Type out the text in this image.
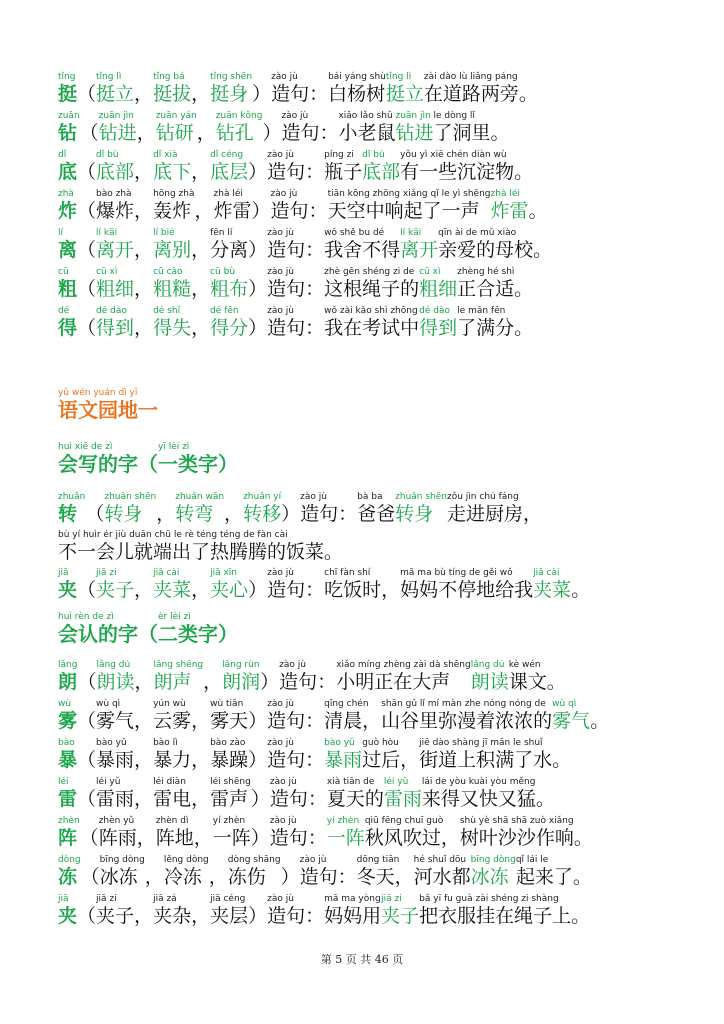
tǐng
挺 （
tǐng lì
挺立 ，
tǐng bá
挺拔 ，
tǐng shēn
挺身 ）
zào jù
造句：
bái yáng shù
白杨树
tǐng lì
挺立
zài dào lù liǎng páng
在道路两旁。
zuān
钻 （
zuān jìn
钻进 ，
zuān yán
钻研 ，
zuān kǒng
钻孔 ）
zào jù
造句：
xiǎo lǎo shǔ
小老鼠
zuān jìn
钻进
le dòng lǐ
了洞里。
dǐ
底 （
dǐ bù
底部 ，
dǐ xià
底下 ，
dǐ céng
底层 ）
zào jù
造句：
píng zi
瓶子
dǐ bù
底部
yǒu yì xiē chén diàn wù
有一些沉淀物。
zhà
炸 （
bào zhà
爆炸 ，
hōng zhà
轰炸 ，
zhà léi
炸雷 ）
zào jù
造句：
tiān kōng zhōng xiǎng qǐ le yì shēng
天空中响起了一声
zhà léi
炸雷 。
lí
离 （
lí kāi
离开 ，
lí bié
离别 ，
fēn lí
分离 ）
zào jù
造句：
wǒ shě bu dé
我舍不得
lí kāi
离开
qīn ài de mǔ xiào
亲爱的母校。
cū
粗 （
cū xì
粗细 ，
cū cāo
粗糙 ，
cū bù
粗布 ）
zào jù
造句：
zhè gēn shéng zi de
这根绳子的
cū xì
粗细
zhèng hé shì
正合适。
dé
得 （
dé dào
得到 ，
dé shī
得失 ，
dé fēn
得分 ）
zào jù
造句：
wǒ zài kǎo shì zhōng
我在考试中
dé dào
得到
le mǎn fēn
了满分。
zhuǎn
转 （
zhuǎn shēn
转身 ，
zhuǎn wān
转弯 ，
zhuǎn yí
转移 ）
zào jù
造句：
bà ba
爸爸
zhuǎn shēn
转身
zǒu jìn chú fáng
走进厨房，
bù yí huìr ér jiù duān chū le rè téng téng de fàn cài
不一会儿就端出了热腾腾的饭菜。
jiā
夹 （
jiā zi
夹子 ，
jiā cài
夹菜 ，
jiā xīn
夹心 ）
zào jù
造句：
chī fàn shí
吃饭时，
mā ma bù tíng de gěi wǒ
妈妈不停地给我
jiā cài
夹菜 。
lǎng
朗 （
lǎng dú
朗读 ，
lǎng shēng
朗声 ，
lǎng rùn
朗润 ）
zào jù
造句：
xiǎo míng zhèng zài dà shēng
小明正在大声
lǎng dú
朗读
kè wén
课文。
wù
雾 （
wù qì
雾气 ，
yún wù
云雾 ，
wù tiān
雾天 ）
zào jù
造句：
qīng chén
清晨，
shān gǔ lǐ mí màn zhe nóng nóng de
山谷里弥漫着浓浓的
wù qì
雾气 。
bào
暴 （
bào yǔ
暴雨 ，
bào lì
暴力 ，
bào zào
暴躁 ）
zào jù
造句：
bào yǔ
暴雨
guò hòu
过后，
jiē dào shàng jī mǎn le shuǐ
街道上积满了水。
léi
雷 （
léi yǔ
雷雨 ，
léi diàn
雷电 ，
léi shēng
雷声 ）
zào jù
造句：
xià tiān de
夏天的
léi yǔ
雷雨
lái de yòu kuài yòu měng
来得又快又猛。
zhèn
阵 （
zhèn yǔ
阵雨 ，
zhèn dì
阵地 ，
yí zhèn
一阵 ）
zào jù
造句：
yí zhèn
一阵
qiū fēng chuī guò
秋风吹过，
shù yè shā shā zuò xiǎng
树叶沙沙作响。
dòng
冻 （
bīng dòng
冰冻 ，
lěng dòng
冷冻 ，
dòng shāng
冻伤 ）
zào jù
造句：
dōng tiān
冬天，
hé shuǐ dōu
河水都
bīng dòng
冰冻
qǐ lái le
起来了。
jiā
夹 （
jiā zi
夹子 ，
jiā zá
夹杂 ，
jiā céng
夹层 ）
zào jù
造句：
mā ma yòng
妈妈用
jiā zi
夹子
bǎ yī fu guà zài shéng zi shàng
把衣服挂在绳子上。
yǔ wén yuán dì yī
语文园地一
huì xiě de zì
会写的字 （
yī lèi zì
一类字 ）
huì rèn de zì
会认的字 （
èr lèi zì
二类字 ）
第 5 页 共 46 页
